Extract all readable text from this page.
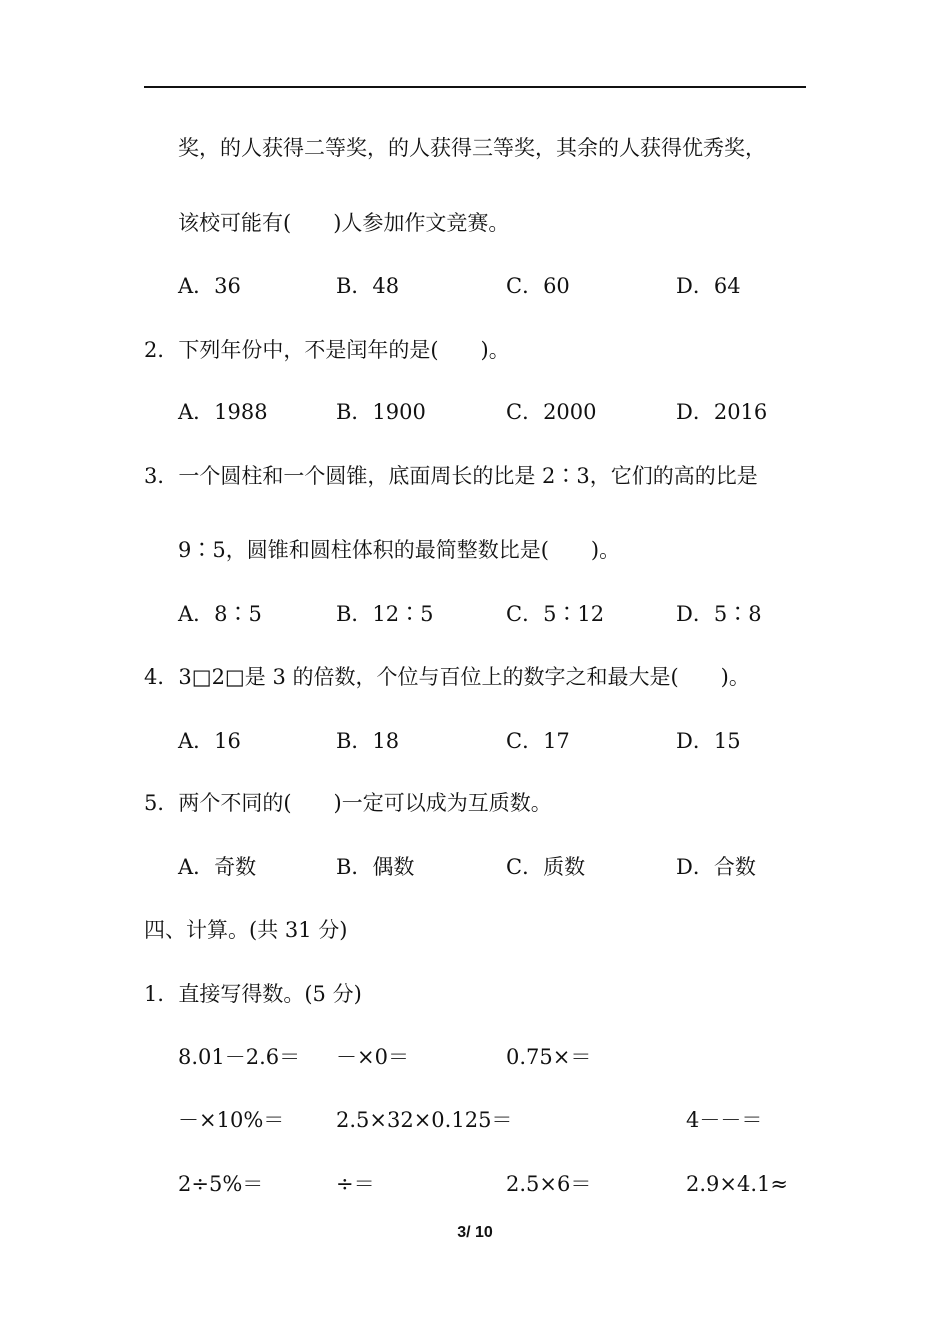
奖，的人获得二等奖，的人获得三等奖，其余的人获得优秀奖，
该校可能有(　　)人参加作文竞赛。
A．36	B．48	C．60	D．64
2．下列年份中，不是闰年的是(　　)。
A．1988	B．1900	C．2000	D．2016
3．一个圆柱和一个圆锥，底面周长的比是 2∶3，它们的高的比是
9∶5，圆锥和圆柱体积的最简整数比是(　　)。
A．8∶5	B．12∶5	C．5∶12	D．5∶8
4．3□2□是 3 的倍数，个位与百位上的数字之和最大是(　　)。
A．16	B．18	C．17	D．15
5．两个不同的(　　)一定可以成为互质数。
A．奇数	B．偶数	C．质数	D．合数
四、计算。(共 31 分)
1．直接写得数。(5 分)
8.01－2.6＝ －×0＝	0.75×＝
－×10%＝ 2.5×32×0.125＝	4－－＝
2÷5%＝	÷＝	2.5×6＝	2.9×4.1≈
3/ 10
